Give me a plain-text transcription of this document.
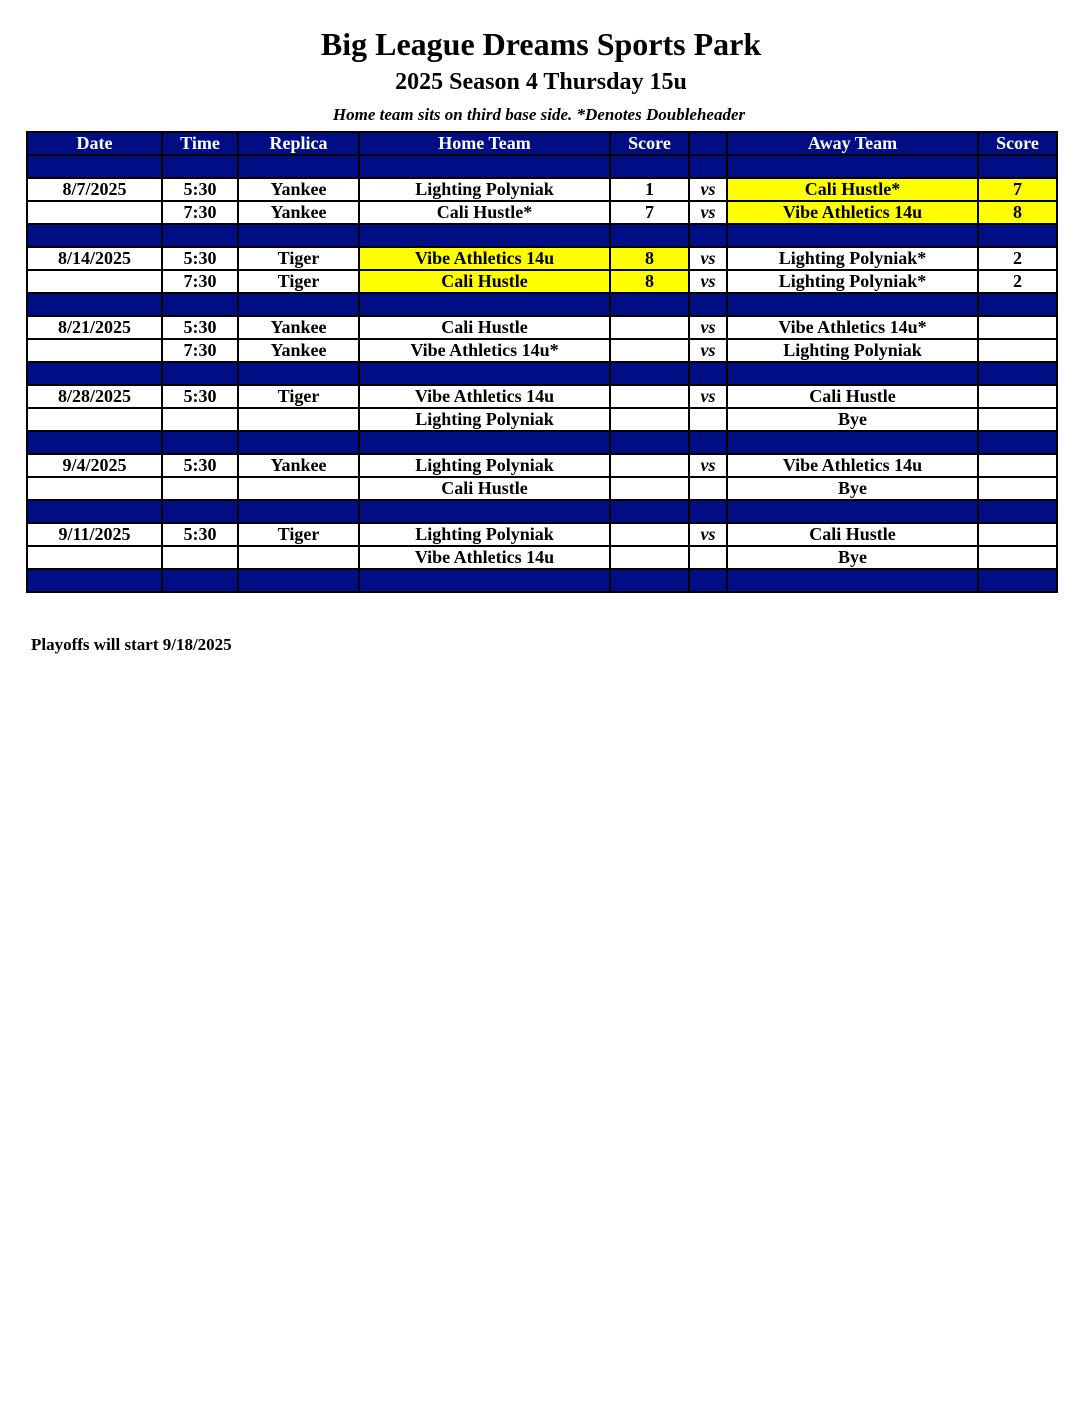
Big League Dreams Sports Park
2025 Season 4 Thursday 15u
Home team sits on third base side. *Denotes Doubleheader
Date	Time	Replica	Home Team	Score		Away Team	Score

8/7/2025	5:30	Yankee	Lighting Polyniak	1	vs	Cali Hustle*	7
	7:30	Yankee	Cali Hustle*	7	vs	Vibe Athletics 14u	8

8/14/2025	5:30	Tiger	Vibe Athletics 14u	8	vs	Lighting Polyniak*	2
	7:30	Tiger	Cali Hustle	8	vs	Lighting Polyniak*	2

8/21/2025	5:30	Yankee	Cali Hustle		vs	Vibe Athletics 14u*	
	7:30	Yankee	Vibe Athletics 14u*		vs	Lighting Polyniak	

8/28/2025	5:30	Tiger	Vibe Athletics 14u		vs	Cali Hustle	
			Lighting Polyniak			Bye	

9/4/2025	5:30	Yankee	Lighting Polyniak		vs	Vibe Athletics 14u	
			Cali Hustle			Bye	

9/11/2025	5:30	Tiger	Lighting Polyniak		vs	Cali Hustle	
			Vibe Athletics 14u			Bye	

Playoffs will start 9/18/2025
